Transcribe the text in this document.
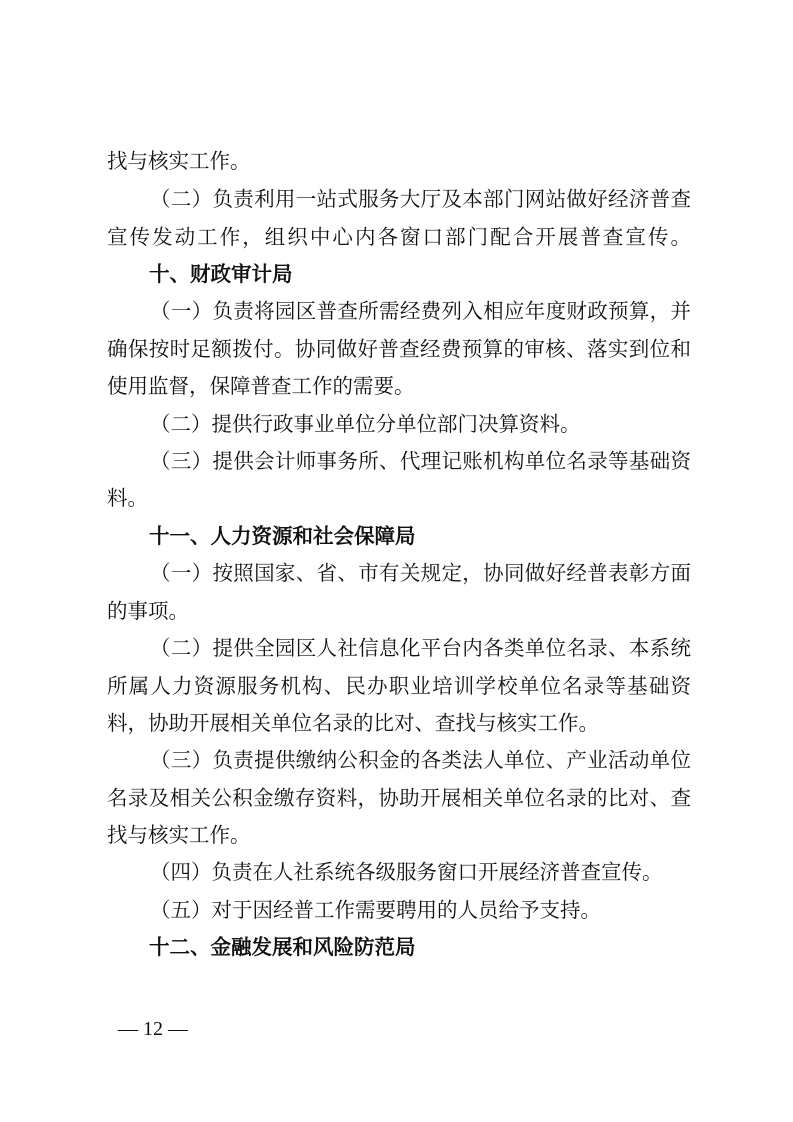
找与核实工作。
（二）负责利用一站式服务大厅及本部门网站做好经济普查
宣传发动工作，组织中心内各窗口部门配合开展普查宣传。
十、财政审计局
（一）负责将园区普查所需经费列入相应年度财政预算，并
确保按时足额拨付。协同做好普查经费预算的审核、落实到位和
使用监督，保障普查工作的需要。
（二）提供行政事业单位分单位部门决算资料。
（三）提供会计师事务所、代理记账机构单位名录等基础资
料。
十一、人力资源和社会保障局
（一）按照国家、省、市有关规定，协同做好经普表彰方面
的事项。
（二）提供全园区人社信息化平台内各类单位名录、本系统
所属人力资源服务机构、民办职业培训学校单位名录等基础资
料，协助开展相关单位名录的比对、查找与核实工作。
（三）负责提供缴纳公积金的各类法人单位、产业活动单位
名录及相关公积金缴存资料，协助开展相关单位名录的比对、查
找与核实工作。
（四）负责在人社系统各级服务窗口开展经济普查宣传。
（五）对于因经普工作需要聘用的人员给予支持。
十二、金融发展和风险防范局
— 12 —
